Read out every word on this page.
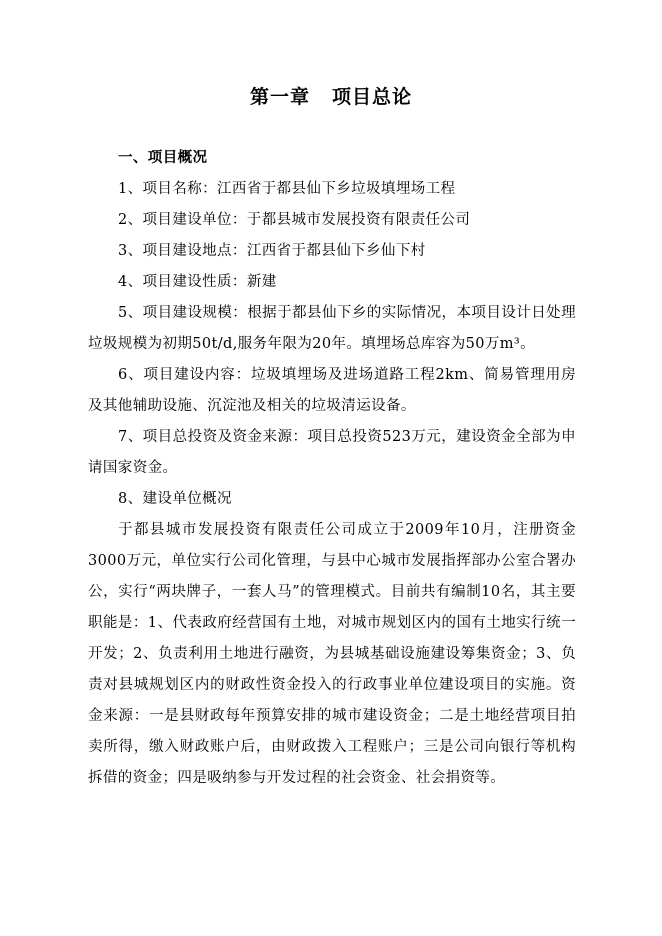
第一章 项目总论

一、项目概况

1、项目名称：江西省于都县仙下乡垃圾填埋场工程

2、项目建设单位：于都县城市发展投资有限责任公司

3、项目建设地点：江西省于都县仙下乡仙下村

4、项目建设性质：新建

5、项目建设规模：根据于都县仙下乡的实际情况，本项目设计日处理垃圾规模为初期50t/d,服务年限为20年。填埋场总库容为50万m³。

6、项目建设内容：垃圾填埋场及进场道路工程2km、简易管理用房及其他辅助设施、沉淀池及相关的垃圾清运设备。

7、项目总投资及资金来源：项目总投资523万元，建设资金全部为申请国家资金。

8、建设单位概况

于都县城市发展投资有限责任公司成立于2009年10月，注册资金3000万元，单位实行公司化管理，与县中心城市发展指挥部办公室合署办公，实行“两块牌子，一套人马”的管理模式。目前共有编制10名，其主要职能是：1、代表政府经营国有土地，对城市规划区内的国有土地实行统一开发；2、负责利用土地进行融资，为县城基础设施建设筹集资金；3、负责对县城规划区内的财政性资金投入的行政事业单位建设项目的实施。资金来源：一是县财政每年预算安排的城市建设资金；二是土地经营项目拍卖所得，缴入财政账户后，由财政拨入工程账户；三是公司向银行等机构拆借的资金；四是吸纳参与开发过程的社会资金、社会捐资等。
